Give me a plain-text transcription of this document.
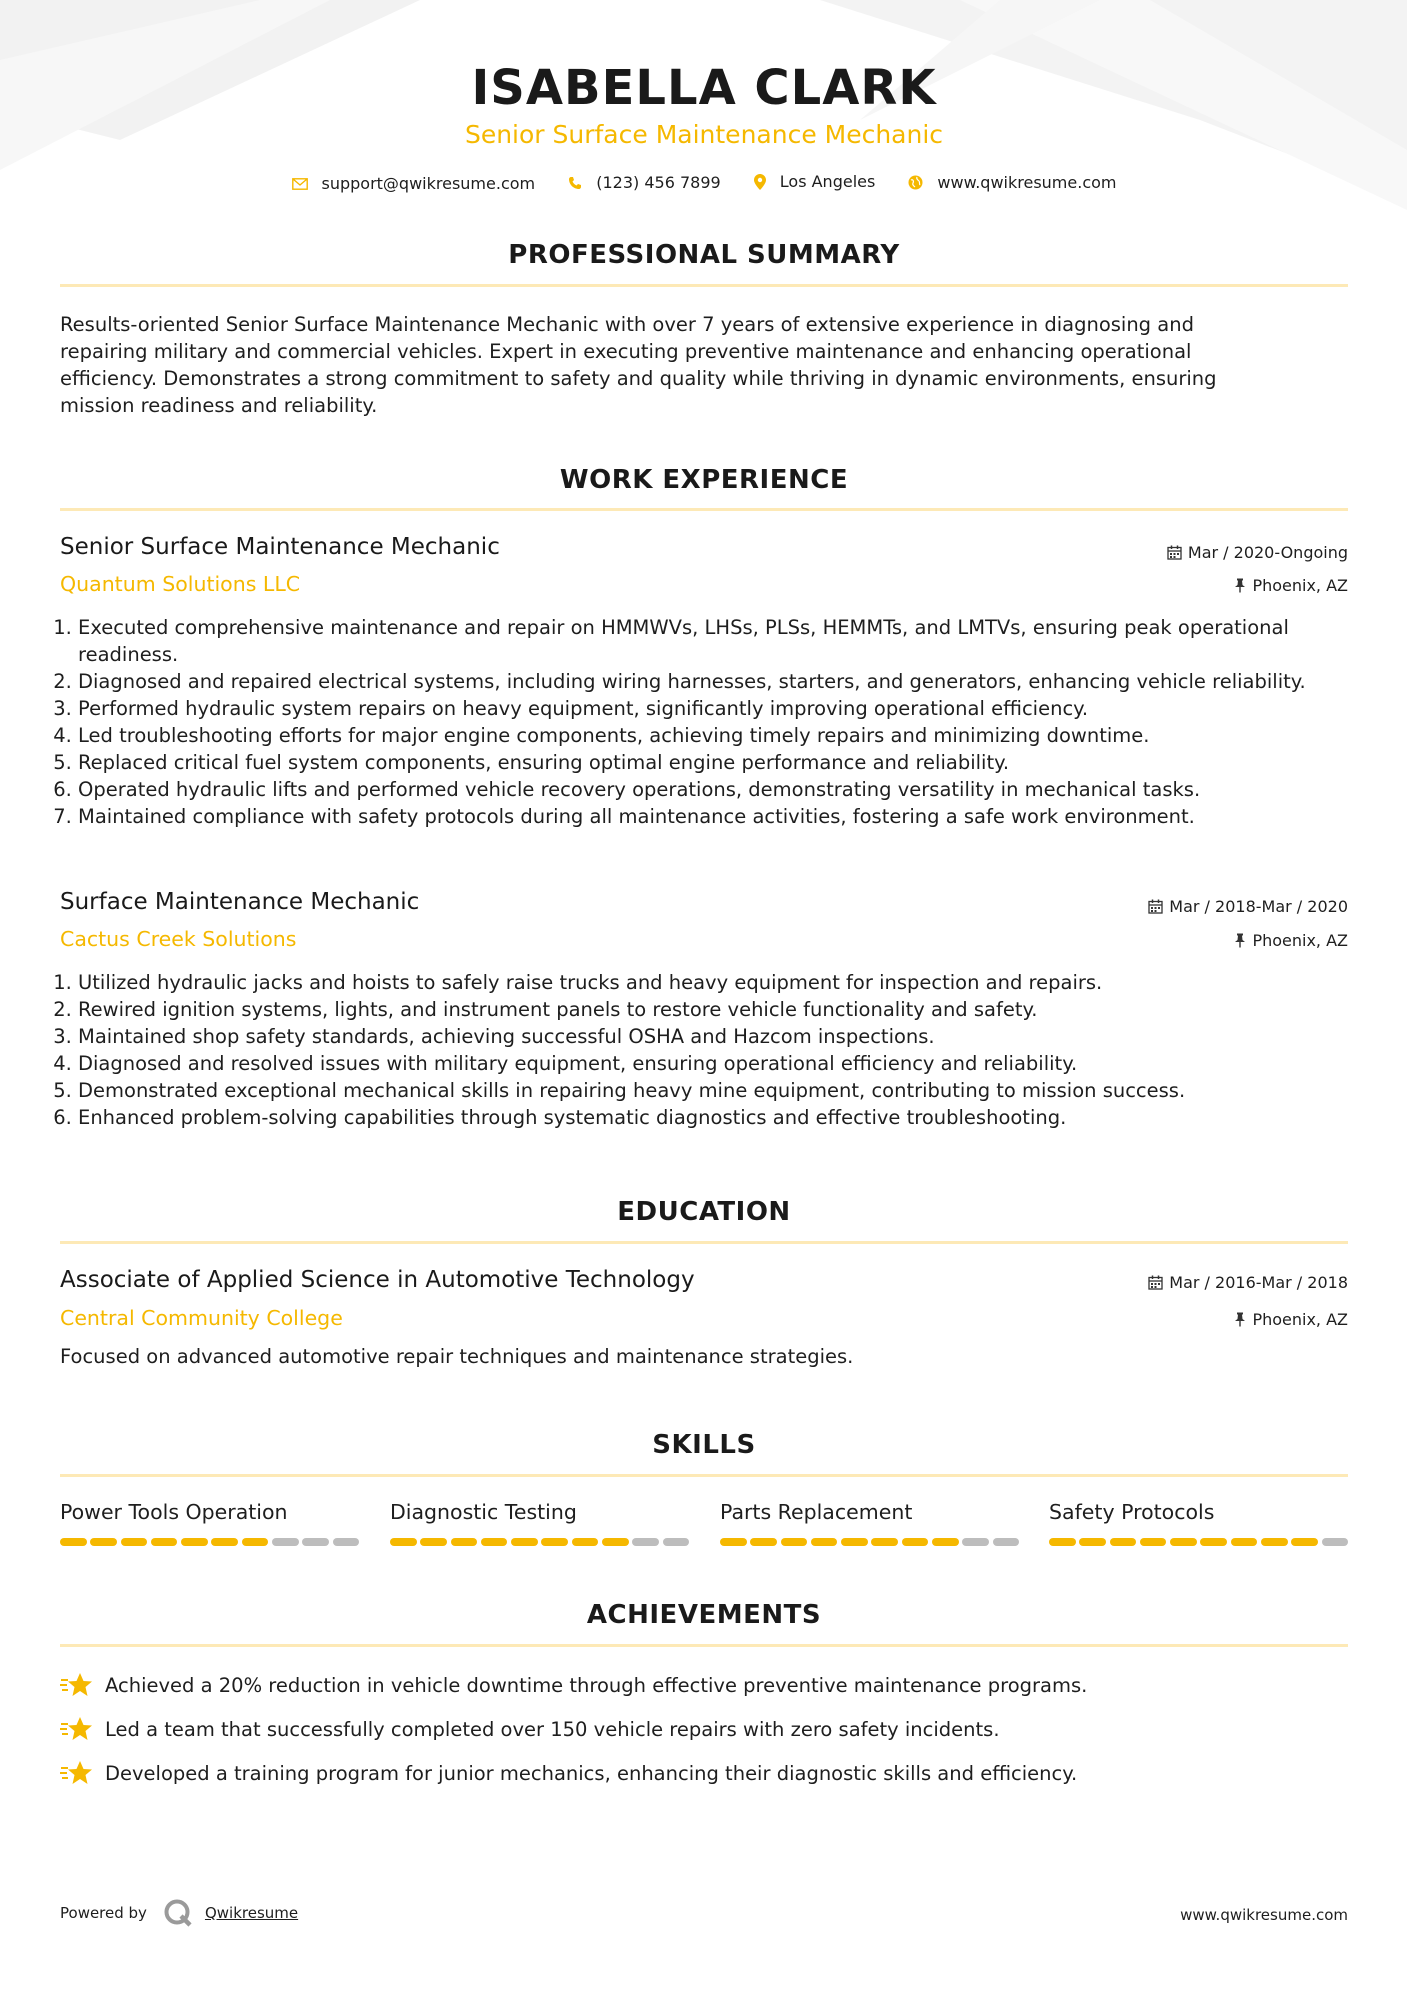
ISABELLA CLARK
Senior Surface Maintenance Mechanic
support@qwikresume.com
	(123) 456 7899
	Los Angeles
	www.qwikresume.com
PROFESSIONAL SUMMARY
Results-oriented Senior Surface Maintenance Mechanic with over 7 years of extensive experience in diagnosing and
repairing military and commercial vehicles. Expert in executing preventive maintenance and enhancing operational
efficiency. Demonstrates a strong commitment to safety and quality while thriving in dynamic environments, ensuring
mission readiness and reliability.
WORK EXPERIENCE
Senior Surface Maintenance Mechanic	Mar / 2020-Ongoing
Quantum Solutions LLC	Phoenix, AZ
1. Executed comprehensive maintenance and repair on HMMWVs, LHSs, PLSs, HEMMTs, and LMTVs, ensuring peak operational readiness.
2. Diagnosed and repaired electrical systems, including wiring harnesses, starters, and generators, enhancing vehicle reliability.
3. Performed hydraulic system repairs on heavy equipment, significantly improving operational efficiency.
4. Led troubleshooting efforts for major engine components, achieving timely repairs and minimizing downtime.
5. Replaced critical fuel system components, ensuring optimal engine performance and reliability.
6. Operated hydraulic lifts and performed vehicle recovery operations, demonstrating versatility in mechanical tasks.
7. Maintained compliance with safety protocols during all maintenance activities, fostering a safe work environment.
Surface Maintenance Mechanic	Mar / 2018-Mar / 2020
Cactus Creek Solutions	Phoenix, AZ
1. Utilized hydraulic jacks and hoists to safely raise trucks and heavy equipment for inspection and repairs.
2. Rewired ignition systems, lights, and instrument panels to restore vehicle functionality and safety.
3. Maintained shop safety standards, achieving successful OSHA and Hazcom inspections.
4. Diagnosed and resolved issues with military equipment, ensuring operational efficiency and reliability.
5. Demonstrated exceptional mechanical skills in repairing heavy mine equipment, contributing to mission success.
6. Enhanced problem-solving capabilities through systematic diagnostics and effective troubleshooting.
EDUCATION
Associate of Applied Science in Automotive Technology	Mar / 2016-Mar / 2018
Central Community College	Phoenix, AZ
Focused on advanced automotive repair techniques and maintenance strategies.
SKILLS
Power Tools Operation	Diagnostic Testing	Parts Replacement	Safety Protocols
ACHIEVEMENTS
Achieved a 20% reduction in vehicle downtime through effective preventive maintenance programs.
Led a team that successfully completed over 150 vehicle repairs with zero safety incidents.
Developed a training program for junior mechanics, enhancing their diagnostic skills and efficiency.
Powered by	Qwikresume	www.qwikresume.com
